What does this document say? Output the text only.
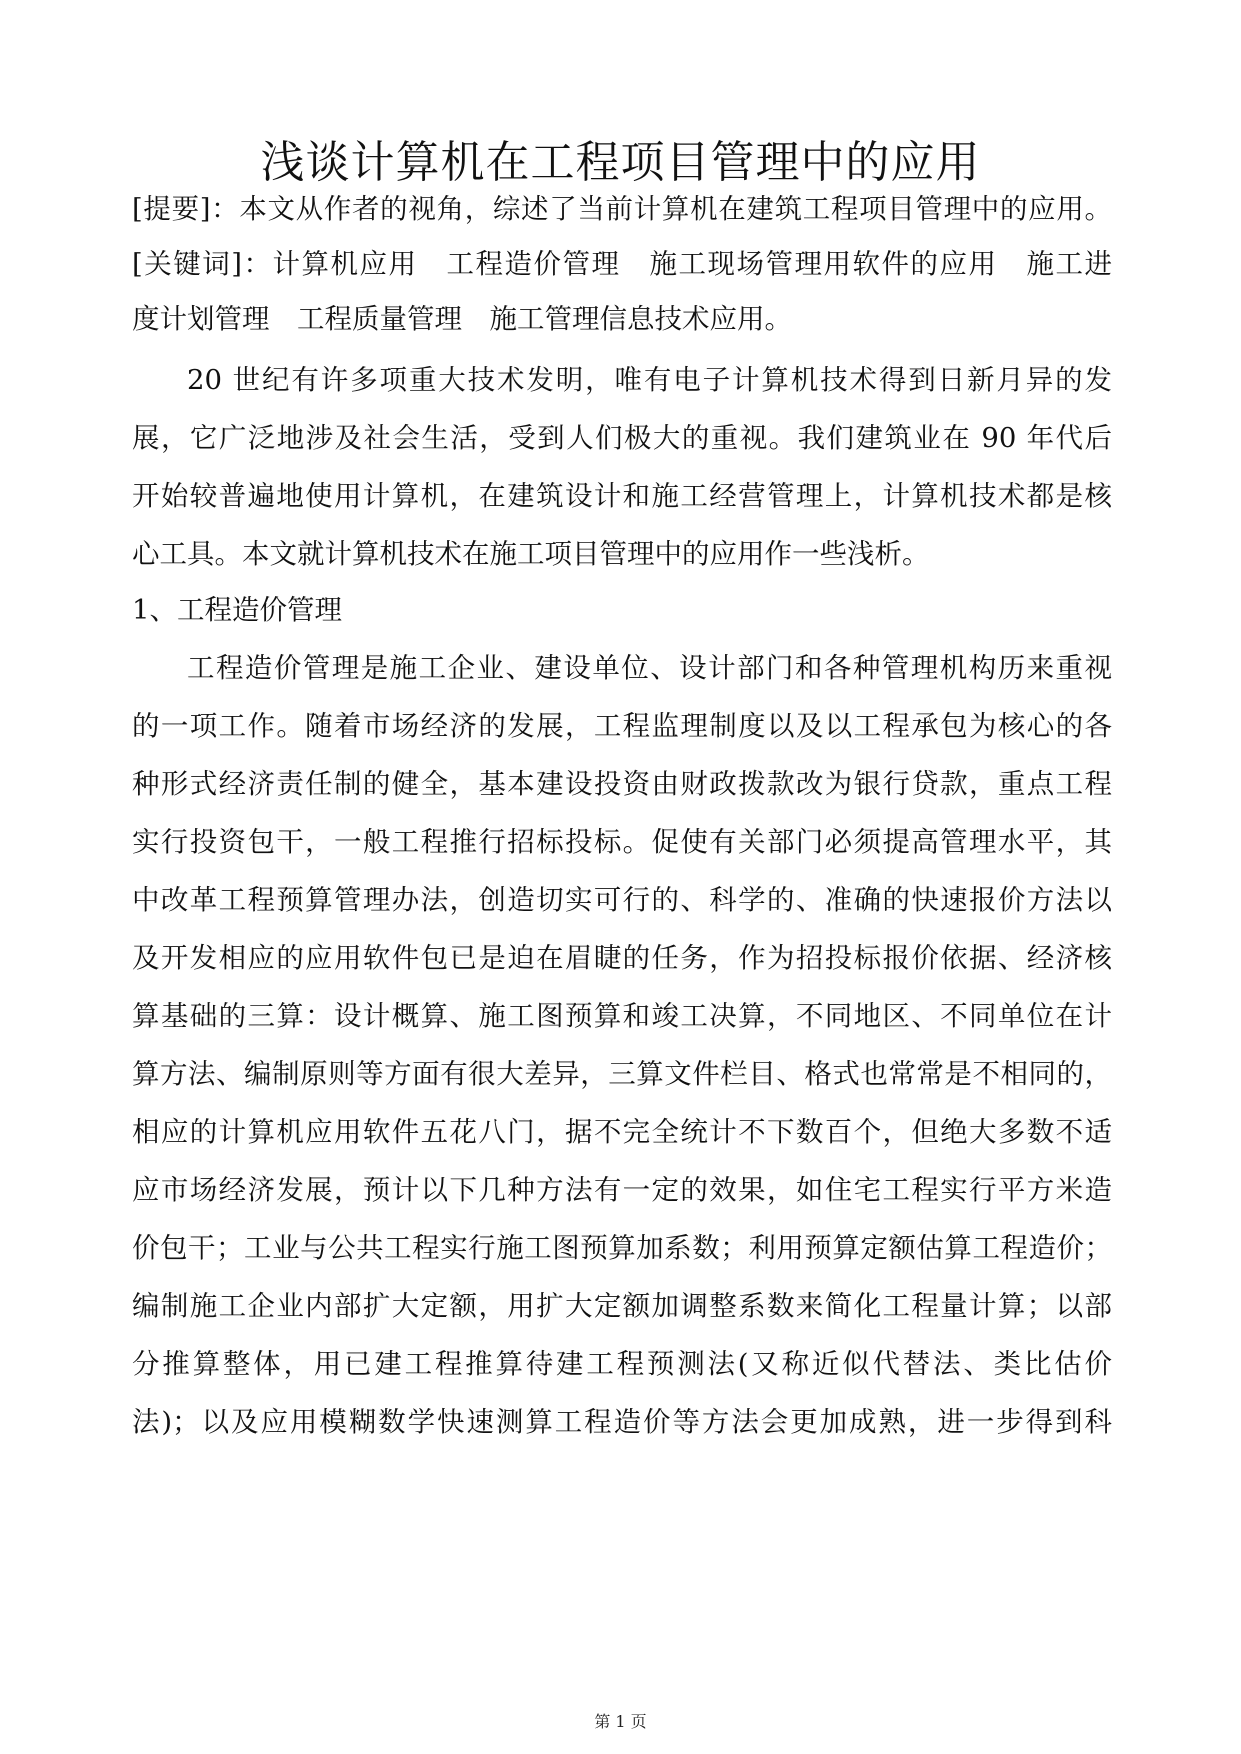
浅谈计算机在工程项目管理中的应用
[提要]：本文从作者的视角，综述了当前计算机在建筑工程项目管理中的应用。
[关键词]：计算机应用　工程造价管理　施工现场管理用软件的应用　施工进
度计划管理　工程质量管理　施工管理信息技术应用。
20 世纪有许多项重大技术发明，唯有电子计算机技术得到日新月异的发
展，它广泛地涉及社会生活，受到人们极大的重视。我们建筑业在 90 年代后
开始较普遍地使用计算机，在建筑设计和施工经营管理上，计算机技术都是核
心工具。本文就计算机技术在施工项目管理中的应用作一些浅析。
1、工程造价管理
工程造价管理是施工企业、建设单位、设计部门和各种管理机构历来重视
的一项工作。随着市场经济的发展，工程监理制度以及以工程承包为核心的各
种形式经济责任制的健全，基本建设投资由财政拨款改为银行贷款，重点工程
实行投资包干，一般工程推行招标投标。促使有关部门必须提高管理水平，其
中改革工程预算管理办法，创造切实可行的、科学的、准确的快速报价方法以
及开发相应的应用软件包已是迫在眉睫的任务，作为招投标报价依据、经济核
算基础的三算：设计概算、施工图预算和竣工决算，不同地区、不同单位在计
算方法、编制原则等方面有很大差异，三算文件栏目、格式也常常是不相同的，
相应的计算机应用软件五花八门，据不完全统计不下数百个，但绝大多数不适
应市场经济发展，预计以下几种方法有一定的效果，如住宅工程实行平方米造
价包干；工业与公共工程实行施工图预算加系数；利用预算定额估算工程造价；
编制施工企业内部扩大定额，用扩大定额加调整系数来简化工程量计算；以部
分推算整体，用已建工程推算待建工程预测法(又称近似代替法、类比估价
法)；以及应用模糊数学快速测算工程造价等方法会更加成熟，进一步得到科
第 1 页
